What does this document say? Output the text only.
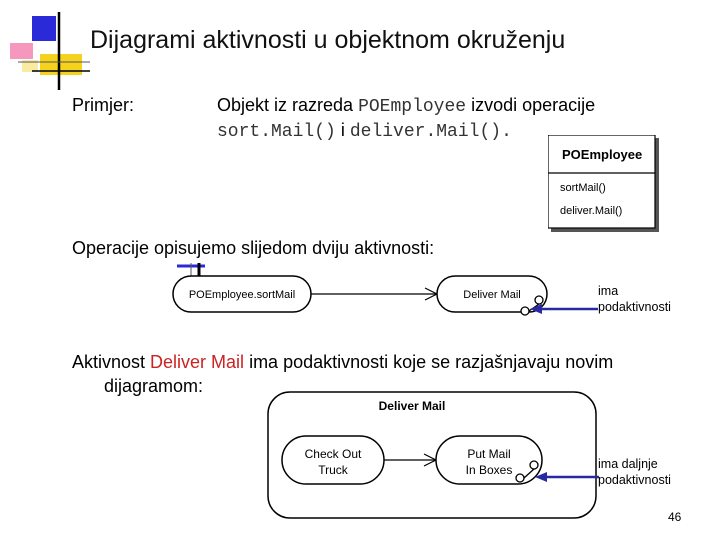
Dijagrami aktivnosti u objektnom okruženju
Primjer:	Objekt iz razreda POEmployee izvodi operacije
sort.Mail() i deliver.Mail().
POEmployee
sortMail()
deliver.Mail()
Operacije opisujemo slijedom dviju aktivnosti:
POEmployee.sortMail	Deliver Mail	ima
podaktivnosti
Aktivnost Deliver Mail ima podaktivnosti koje se razjašnjavaju novim
dijagramom:
Deliver Mail
Check Out
Truck
Put Mail
In Boxes	ima daljnje
podaktivnosti
46
